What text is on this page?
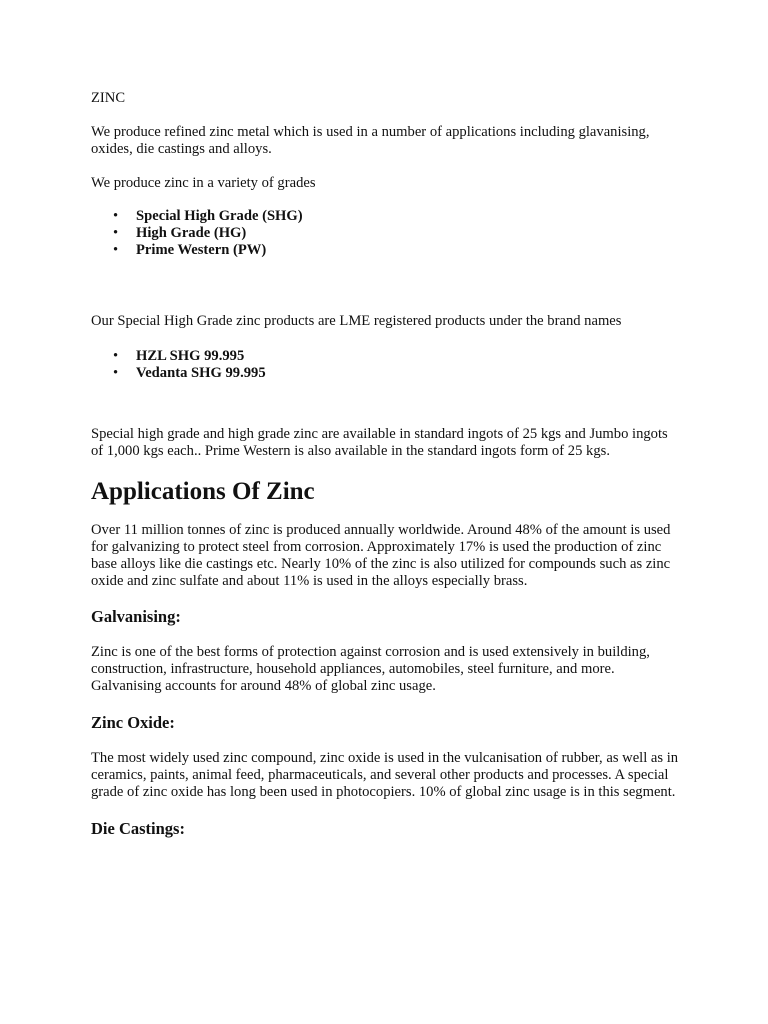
ZINC

We produce refined zinc metal which is used in a number of applications including glavanising, oxides, die castings and alloys.

We produce zinc in a variety of grades

• Special High Grade (SHG)
• High Grade (HG)
• Prime Western (PW)

Our Special High Grade zinc products are LME registered products under the brand names

• HZL SHG 99.995
• Vedanta SHG 99.995

Special high grade and high grade zinc are available in standard ingots of 25 kgs and Jumbo ingots of 1,000 kgs each.. Prime Western is also available in the standard ingots form of 25 kgs.

Applications Of Zinc

Over 11 million tonnes of zinc is produced annually worldwide. Around 48% of the amount is used for galvanizing to protect steel from corrosion. Approximately 17% is used the production of zinc base alloys like die castings etc. Nearly 10% of the zinc is also utilized for compounds such as zinc oxide and zinc sulfate and about 11% is used in the alloys especially brass.

Galvanising:

Zinc is one of the best forms of protection against corrosion and is used extensively in building, construction, infrastructure, household appliances, automobiles, steel furniture, and more. Galvanising accounts for around 48% of global zinc usage.

Zinc Oxide:

The most widely used zinc compound, zinc oxide is used in the vulcanisation of rubber, as well as in ceramics, paints, animal feed, pharmaceuticals, and several other products and processes. A special grade of zinc oxide has long been used in photocopiers. 10% of global zinc usage is in this segment.

Die Castings:
